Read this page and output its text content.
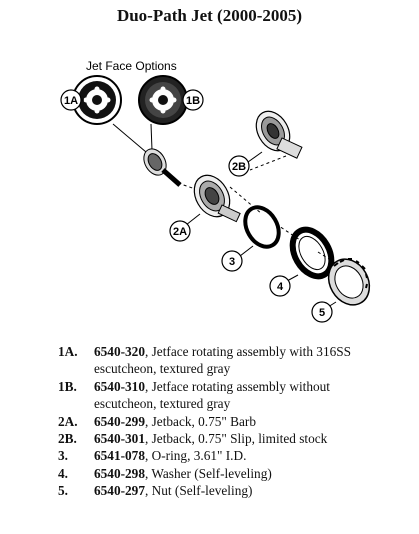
Duo-Path Jet (2000-2005)
Jet Face Options
1A	1B
2A
2B
3
4
5
1A. 6540-320, Jetface rotating assembly with 316SS
escutcheon, textured gray
1B. 6540-310, Jetface rotating assembly without
escutcheon, textured gray
2A. 6540-299, Jetback, 0.75" Barb
2B. 6540-301, Jetback, 0.75" Slip, limited stock
3. 6541-078, O-ring, 3.61" I.D.
4. 6540-298, Washer (Self-leveling)
5. 6540-297, Nut (Self-leveling)
